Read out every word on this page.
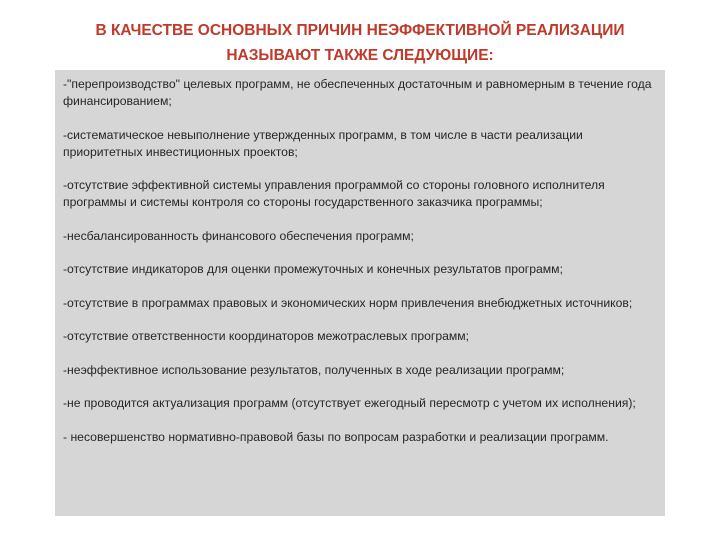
В КАЧЕСТВЕ ОСНОВНЫХ ПРИЧИН НЕЭФФЕКТИВНОЙ РЕАЛИЗАЦИИ
НАЗЫВАЮТ ТАКЖЕ СЛЕДУЮЩИЕ:
-"перепроизводство" целевых программ, не обеспеченных достаточным и равномерным в течение года финансированием;
-систематическое невыполнение утвержденных программ, в том числе в части реализации приоритетных инвестиционных проектов;
-отсутствие эффективной системы управления программой со стороны головного исполнителя программы и системы контроля со стороны государственного заказчика программы;
-несбалансированность финансового обеспечения программ;
-отсутствие индикаторов для оценки промежуточных и конечных результатов программ;
-отсутствие в программах правовых и экономических норм привлечения внебюджетных источников;
-отсутствие ответственности координаторов межотраслевых программ;
-неэффективное использование результатов, полученных в ходе реализации программ;
-не проводится актуализация программ (отсутствует ежегодный пересмотр с учетом их исполнения);
- несовершенство нормативно-правовой базы по вопросам разработки и реализации программ.
33
